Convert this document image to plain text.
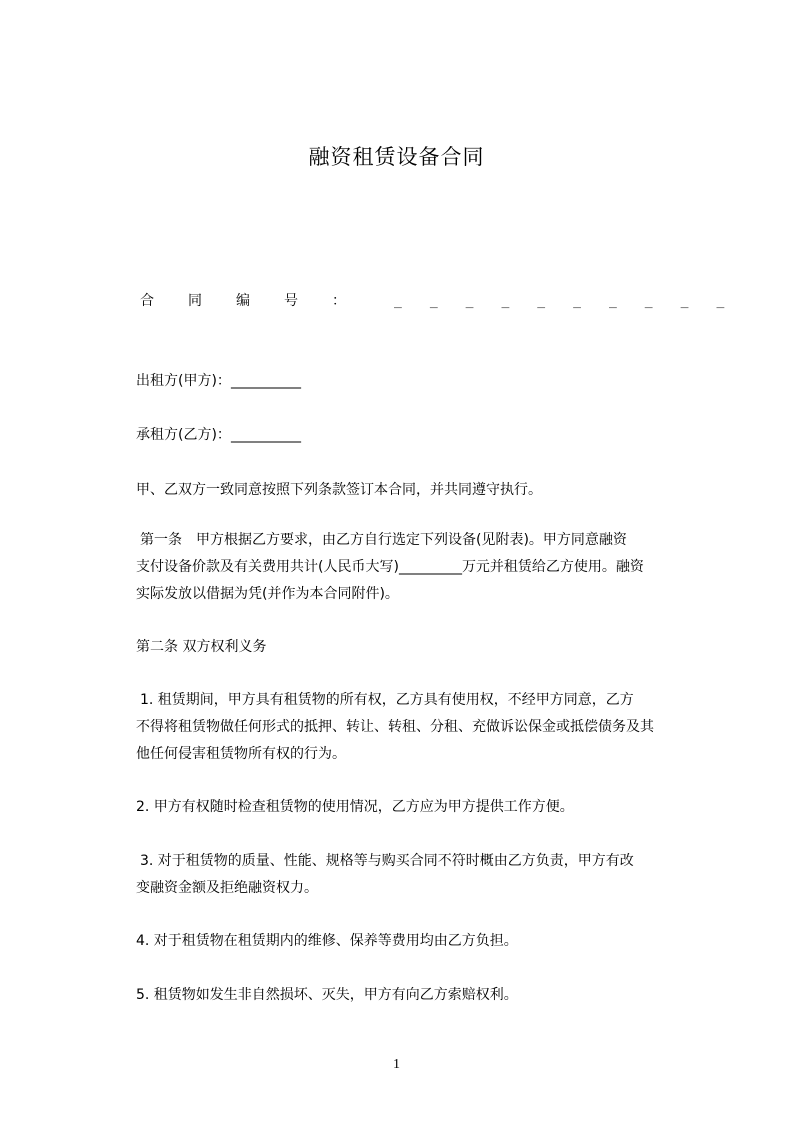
融资租赁设备合同
合同编号： __________
出租方(甲方)：__________
承租方(乙方)：__________
甲、乙双方一致同意按照下列条款签订本合同，并共同遵守执行。
第一条　甲方根据乙方要求，由乙方自行选定下列设备(见附表)。甲方同意融资
支付设备价款及有关费用共计(人民币大写)_________万元并租赁给乙方使用。融资
实际发放以借据为凭(并作为本合同附件)。
第二条 双方权利义务
1. 租赁期间，甲方具有租赁物的所有权，乙方具有使用权，不经甲方同意，乙方
不得将租赁物做任何形式的抵押、转让、转租、分租、充做诉讼保金或抵偿债务及其
他任何侵害租赁物所有权的行为。
2. 甲方有权随时检查租赁物的使用情况，乙方应为甲方提供工作方便。
3. 对于租赁物的质量、性能、规格等与购买合同不符时概由乙方负责，甲方有改
变融资金额及拒绝融资权力。
4. 对于租赁物在租赁期内的维修、保养等费用均由乙方负担。
5. 租赁物如发生非自然损坏、灭失，甲方有向乙方索赔权利。
1
